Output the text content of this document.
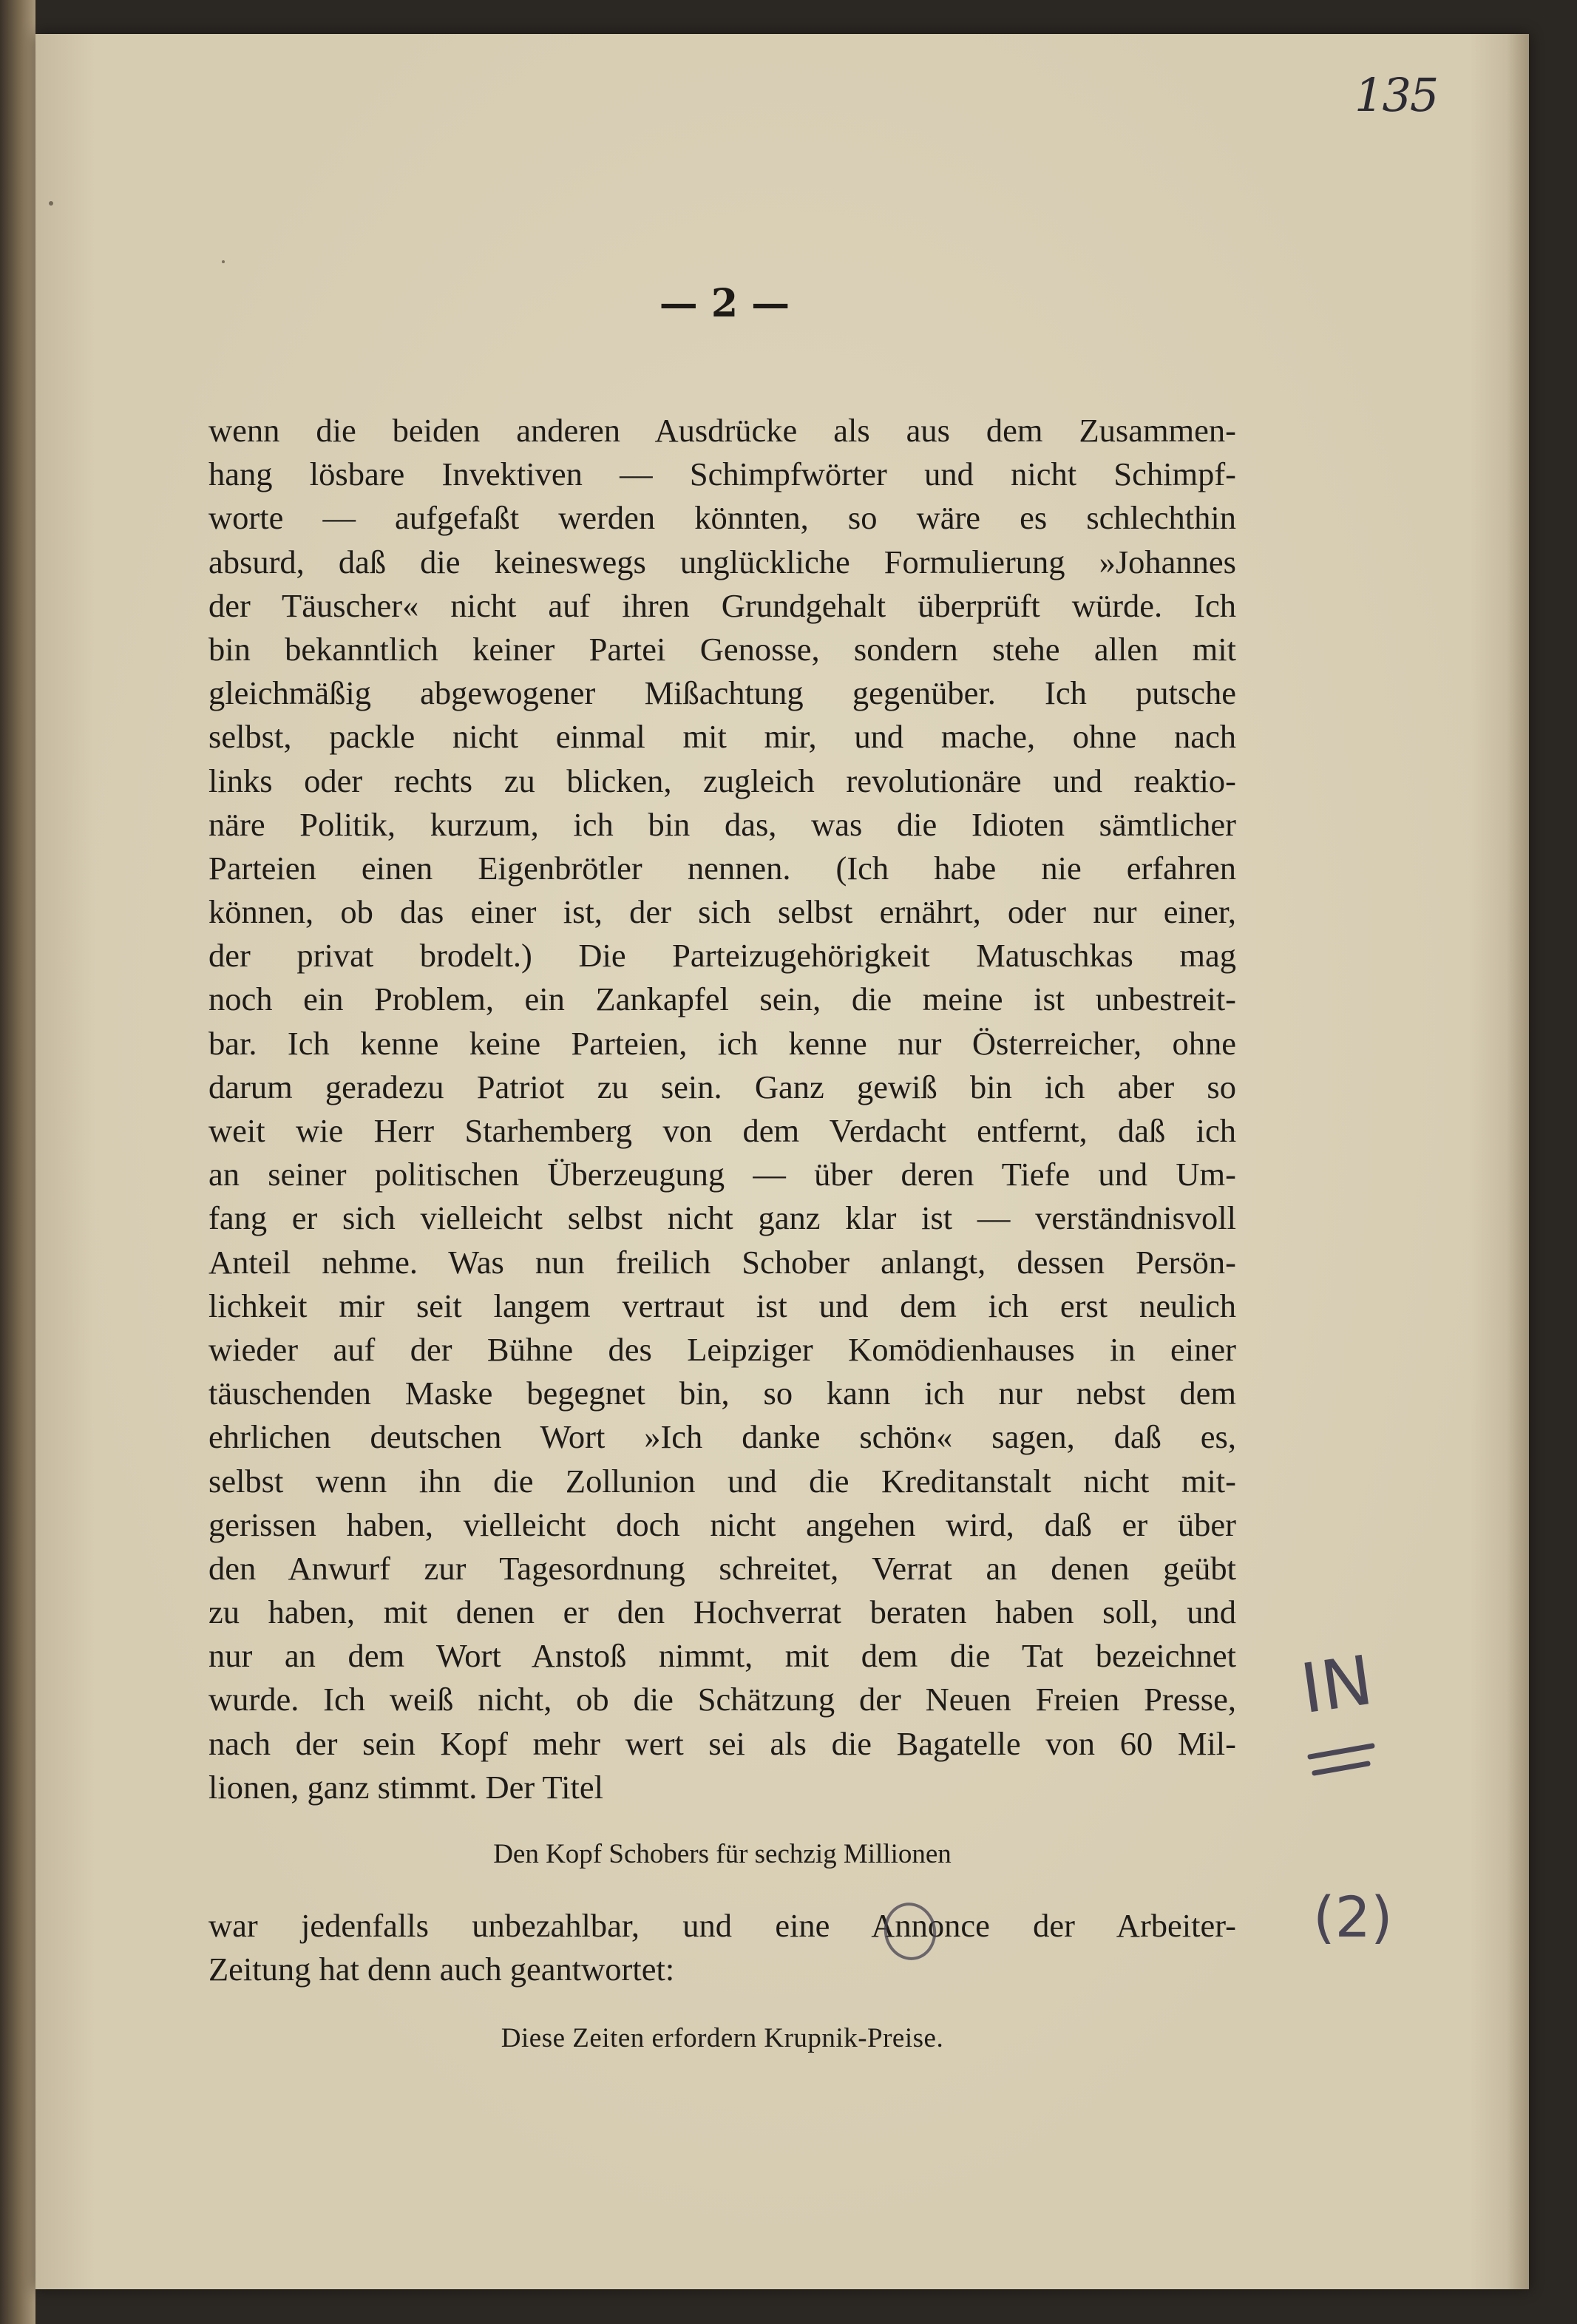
135
— 2 —
wenn die beiden anderen Ausdrücke als aus dem Zusammen-
hang lösbare Invektiven — Schimpfwörter und nicht Schimpf-
worte — aufgefaßt werden könnten, so wäre es schlechthin
absurd, daß die keineswegs unglückliche Formulierung »Johannes
der Täuscher« nicht auf ihren Grundgehalt überprüft würde. Ich
bin bekanntlich keiner Partei Genosse, sondern stehe allen mit
gleichmäßig abgewogener Mißachtung gegenüber. Ich putsche
selbst, packle nicht einmal mit mir, und mache, ohne nach
links oder rechts zu blicken, zugleich revolutionäre und reaktio-
näre Politik, kurzum, ich bin das, was die Idioten sämtlicher
Parteien einen Eigenbrötler nennen. (Ich habe nie erfahren
können, ob das einer ist, der sich selbst ernährt, oder nur einer,
der privat brodelt.) Die Parteizugehörigkeit Matuschkas mag
noch ein Problem, ein Zankapfel sein, die meine ist unbestreit-
bar. Ich kenne keine Parteien, ich kenne nur Österreicher, ohne
darum geradezu Patriot zu sein. Ganz gewiß bin ich aber so
weit wie Herr Starhemberg von dem Verdacht entfernt, daß ich
an seiner politischen Überzeugung — über deren Tiefe und Um-
fang er sich vielleicht selbst nicht ganz klar ist — verständnisvoll
Anteil nehme. Was nun freilich Schober anlangt, dessen Persön-
lichkeit mir seit langem vertraut ist und dem ich erst neulich
wieder auf der Bühne des Leipziger Komödienhauses in einer
täuschenden Maske begegnet bin, so kann ich nur nebst dem
ehrlichen deutschen Wort »Ich danke schön« sagen, daß es,
selbst wenn ihn die Zollunion und die Kreditanstalt nicht mit-
gerissen haben, vielleicht doch nicht angehen wird, daß er über
den Anwurf zur Tagesordnung schreitet, Verrat an denen geübt
zu haben, mit denen er den Hochverrat beraten haben soll, und
nur an dem Wort Anstoß nimmt, mit dem die Tat bezeichnet
wurde. Ich weiß nicht, ob die Schätzung der Neuen Freien Presse,
nach der sein Kopf mehr wert sei als die Bagatelle von 60 Mil-
lionen, ganz stimmt. Der Titel
Den Kopf Schobers für sechzig Millionen
war jedenfalls unbezahlbar, und eine Annonce der Arbeiter-
Zeitung hat denn auch geantwortet:
Diese Zeiten erfordern Krupnik-Preise.
IN
(2)
